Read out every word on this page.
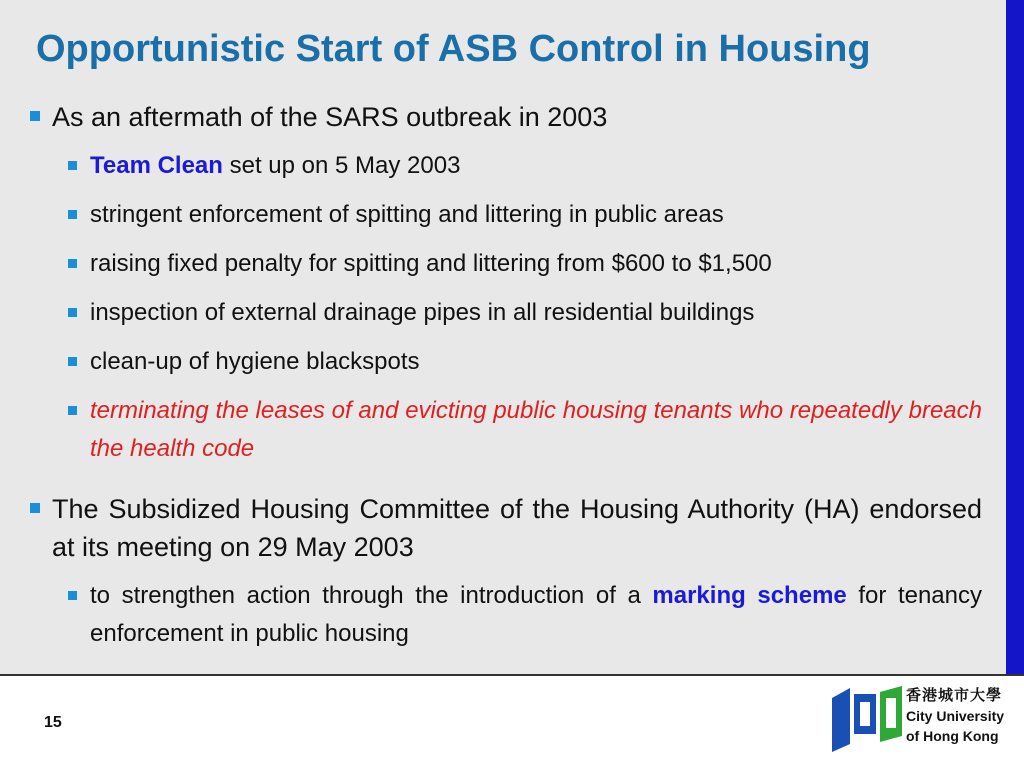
Opportunistic Start of ASB Control in Housing
As an aftermath of the SARS outbreak in 2003
Team Clean set up on 5 May 2003
stringent enforcement of spitting and littering in public areas
raising fixed penalty for spitting and littering from $600 to $1,500
inspection of external drainage pipes in all residential buildings
clean-up of hygiene blackspots
terminating the leases of and evicting public housing tenants who repeatedly breach the health code
The Subsidized Housing Committee of the Housing Authority (HA) endorsed at its meeting on 29 May 2003
to strengthen action through the introduction of a marking scheme for tenancy enforcement in public housing
15
香港城市大學
City University
of Hong Kong
